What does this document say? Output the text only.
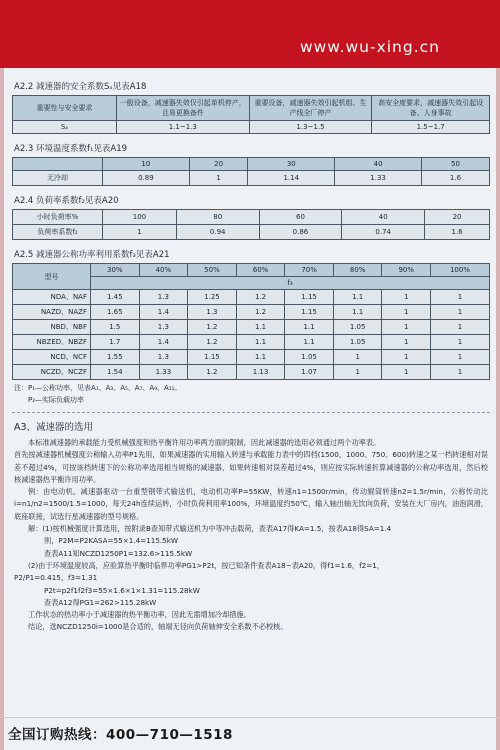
www.wu-xing.cn
A2.2 减速器的安全系数Sₐ见表A18
重要性与安全要求	一般设备，减速器失效仅引起单机停产，且易更换备件	重要设备，减速器失效引起机组、生产线全厂停产	高安全度要求，减速器失效引起设备、人身事故
Sₐ	1.1~1.3	1.3~1.5	1.5~1.7
A2.3 环境温度系数f₁见表A19
	10	20	30	40	50
无冷却	0.89	1	1.14	1.33	1.6
A2.4 负荷率系数f₂见表A20
小时负荷率%	100	80	60	40	20
负荷率系数f₂	1	0.94	0.86	0.74	1.6
A2.5 减速器公称功率利用系数f₃见表A21
型号	30%	40%	50%	60%	70%	80%	90%	100%
	f₃							
NDA、NAF	1.45	1.3	1.25	1.2	1.15	1.1	1	1
NAZD、NAZF	1.65	1.4	1.3	1.2	1.15	1.1	1	1
NBD、NBF	1.5	1.3	1.2	1.1	1.1	1.05	1	1
NBZED、NBZF	1.7	1.4	1.2	1.1	1.1	1.05	1	1
NCD、NCF	1.55	1.3	1.15	1.1	1.05	1	1	1
NCZD、NCZF	1.54	1.33	1.2	1.13	1.07	1	1	1
注：P₁—公称功率，见表A₁、A₃、A₅、A₇、A₉、A₁₁。
P₂—实际负载功率
A3、减速器的选用
本标准减速器的承载能力受机械强度和热平衡许用功率两方面的限制，因此减速器的选用必须通过两个功率表。
首先按减速器机械强度公称输入功率P1先用，如果减速器的实用输入转速与承载能力表中的四档(1500、1000、750、600)转速之某一档转速相对误差不超过4%，可按该档转速下的公称功率选用相当规格的减速器，如果转速相对误差超过4%，则应按实际转速折算减速器的公称功率选用，然后校核减速器热平衡许用功率。
例：由电动机、减速器驱动一台重型钢带式输送机，电动机功率P=55KW，转速n1=1500r/min，传动辊筒转速n2=1.5r/min，公称传动比i=n1/n2=1500/1.5=1000，每天24h连续运转，小时负荷利用率100%，环境温度约50℃，输入轴出轴无饮向负荷，安装在大厂房内，油泡润滑，底座联接，试选行星减速器的型号规格。
解：(1)按机械强度计算选用，按附录B查知带式输送机为中等冲击载荷，查表A17得KA=1.5，按表A18得SA=1.4
则，P2M=P2KASA=55×1.4=115.5kW
查表A11知NCZD1250P1=132.6>115.5kW
(2)由于环境温度较高，应验算热平衡时临界功率PG1>P2t，按已知条件查表A18~表A20，得f1=1.6，f2=1，
P2/P1=0.415，f3=1.31
P2t=p2f1f2f3=55×1.6×1×1.31=115.28kW
查表A12得PG1=262>115.28kW
工作状态的热功率小于减速器的热平衡功率，因此无需增加冷却措施。
结论，选NCZD1250i=1000是合适的，轴端无径向负荷轴伸安全系数不必校核。
全国订购热线：400—710—1518
